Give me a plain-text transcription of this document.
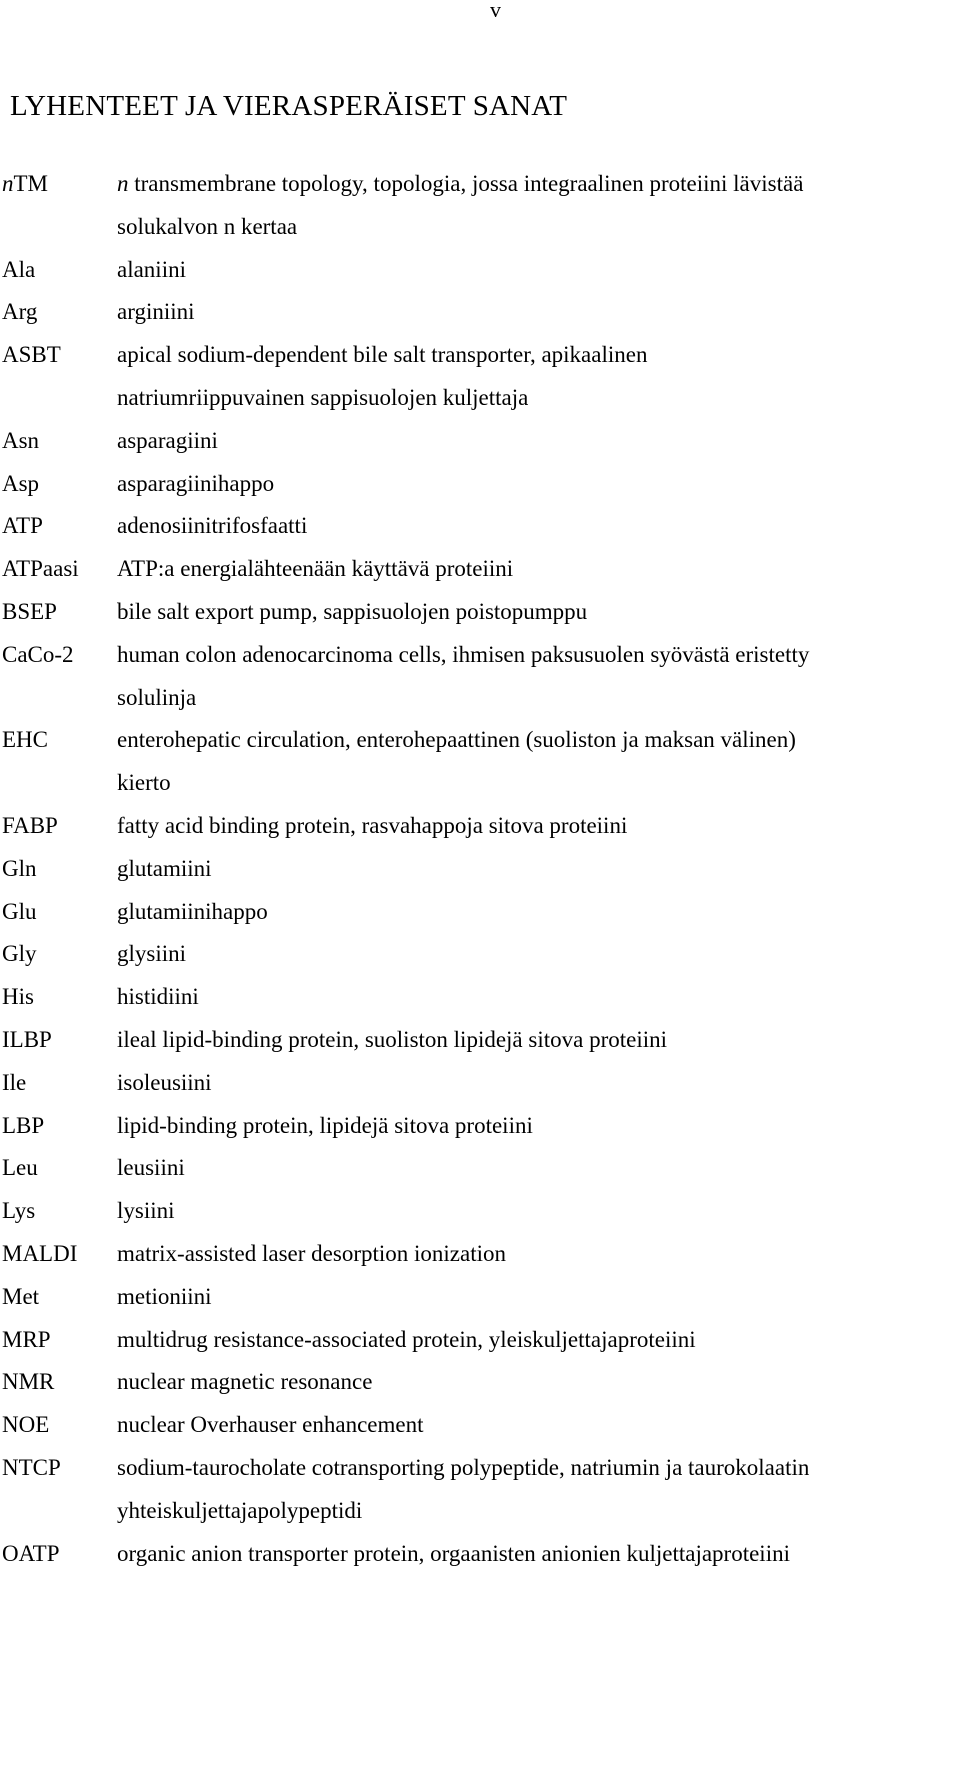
v
LYHENTEET JA VIERASPERÄISET SANAT
nTM	n transmembrane topology, topologia, jossa integraalinen proteiini lävistää
solukalvon n kertaa
Ala	alaniini
Arg	arginiini
ASBT apical sodium-dependent bile salt transporter, apikaalinen
natriumriippuvainen sappisuolojen kuljettaja
Asn	asparagiini
Asp	asparagiinihappo
ATP	adenosiinitrifosfaatti
ATPaasi ATP:a energialähteenään käyttävä proteiini
BSEP	bile salt export pump, sappisuolojen poistopumppu
CaCo-2 human colon adenocarcinoma cells, ihmisen paksusuolen syövästä eristetty
solulinja
EHC	enterohepatic circulation, enterohepaattinen (suoliston ja maksan välinen)
kierto
FABP	fatty acid binding protein, rasvahappoja sitova proteiini
Gln	glutamiini
Glu	glutamiinihappo
Gly	glysiini
His	histidiini
ILBP	ileal lipid-binding protein, suoliston lipidejä sitova proteiini
Ile	isoleusiini
LBP	lipid-binding protein, lipidejä sitova proteiini
Leu	leusiini
Lys	lysiini
MALDI matrix-assisted laser desorption ionization
Met	metioniini
MRP	multidrug resistance-associated protein, yleiskuljettajaproteiini
NMR	nuclear magnetic resonance
NOE	nuclear Overhauser enhancement
NTCP sodium-taurocholate cotransporting polypeptide, natriumin ja taurokolaatin
yhteiskuljettajapolypeptidi
OATP organic anion transporter protein, orgaanisten anionien kuljettajaproteiini
